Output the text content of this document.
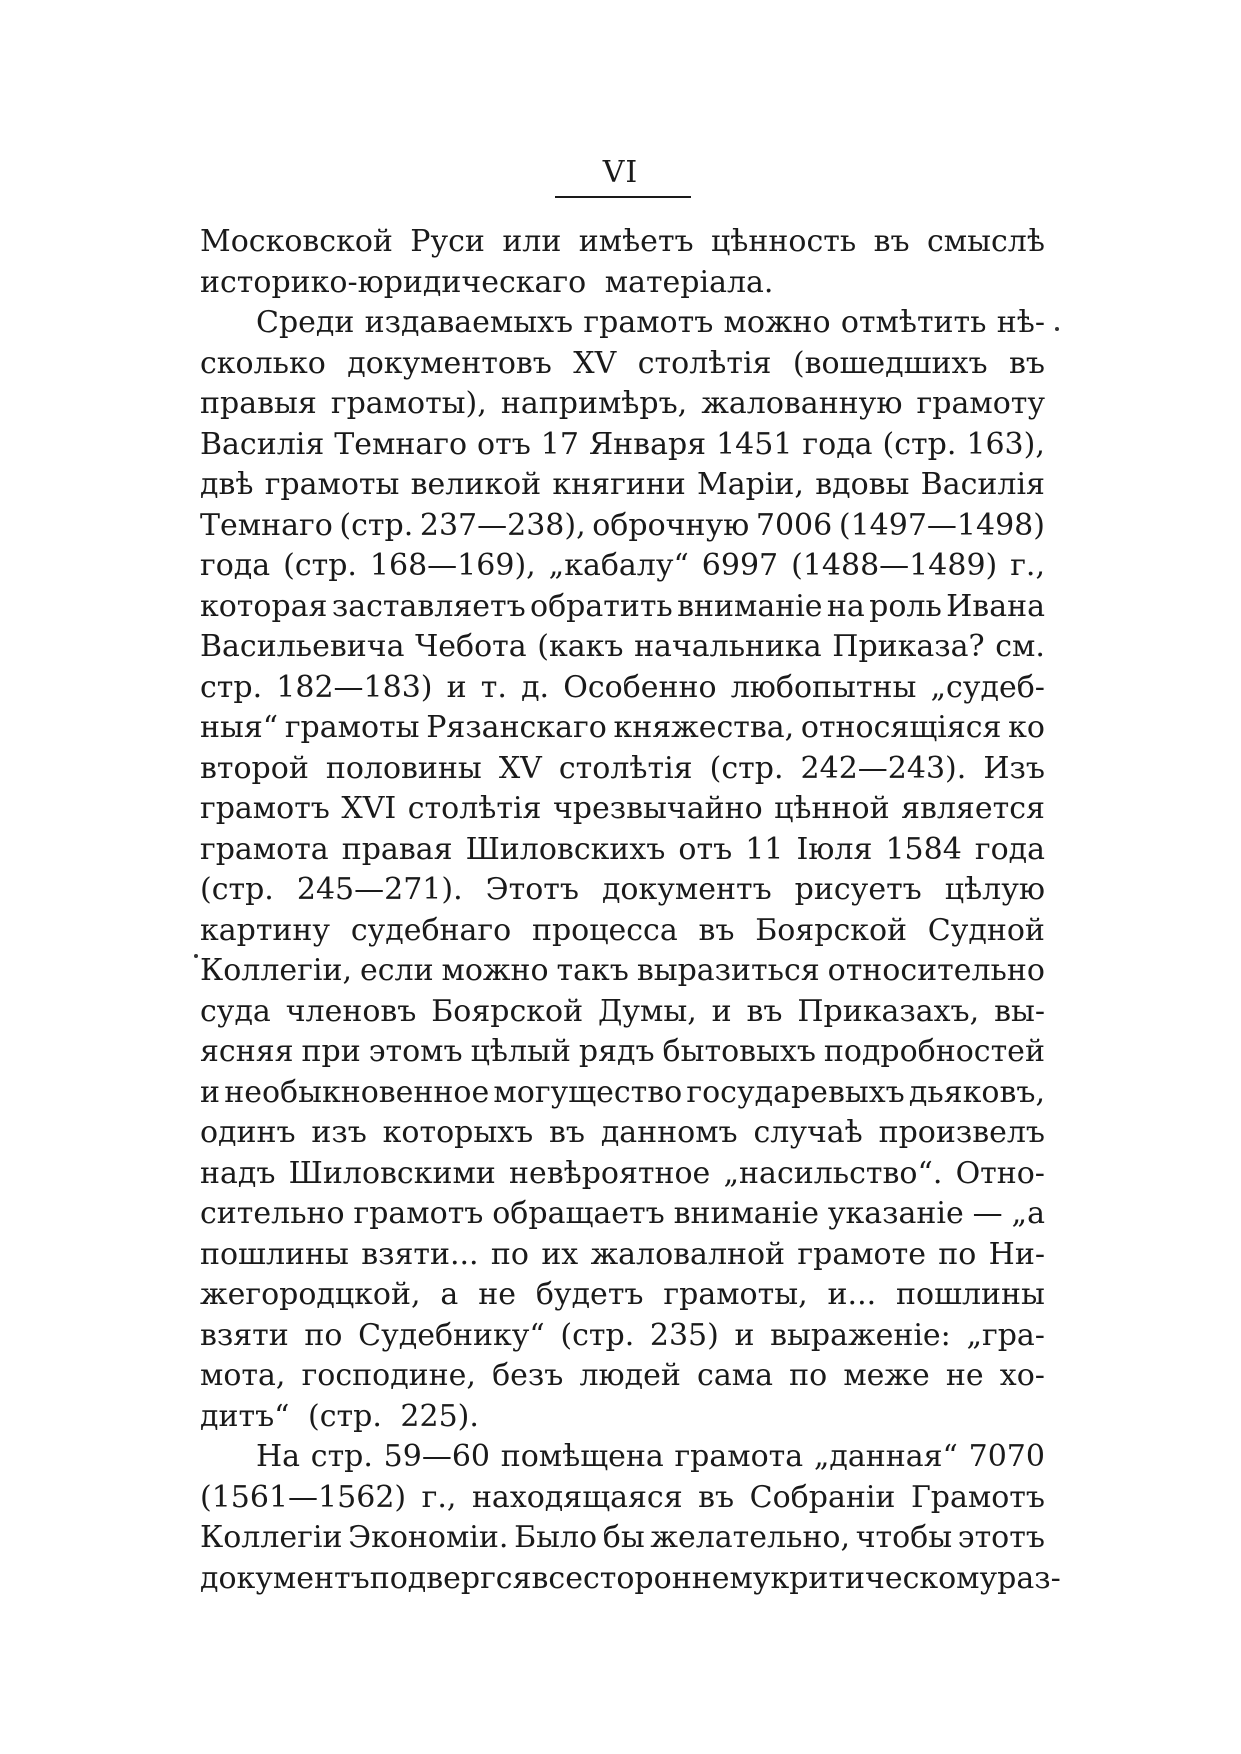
VI
Московской Руси или имѣетъ цѣнность въ смыслѣ
историко-юридическаго матеріала.
Среди издаваемыхъ грамотъ можно отмѣтить нѣ-
сколько документовъ XV столѣтія (вошедшихъ въ
правыя грамоты), напримѣръ, жалованную грамоту
Василія Темнаго отъ 17 Января 1451 года (стр. 163),
двѣ грамоты великой княгини Маріи, вдовы Василія
Темнаго (стр. 237—238), оброчную 7006 (1497—1498)
года (стр. 168—169), „кабалу“ 6997 (1488—1489) г.,
которая заставляетъ обратить вниманіе на роль Ивана
Васильевича Чебота (какъ начальника Приказа? см.
стр. 182—183) и т. д. Особенно любопытны „судеб-
ныя“ грамоты Рязанскаго княжества, относящіяся ко
второй половины XV столѣтія (стр. 242—243). Изъ
грамотъ XVI столѣтія чрезвычайно цѣнной является
грамота правая Шиловскихъ отъ 11 Іюля 1584 года
(стр. 245—271). Этотъ документъ рисуетъ цѣлую
картину судебнаго процесса въ Боярской Судной
Коллегіи, если можно такъ выразиться относительно
суда членовъ Боярской Думы, и въ Приказахъ, вы-
ясняя при этомъ цѣлый рядъ бытовыхъ подробностей
и необыкновенное могущество государевыхъ дьяковъ,
одинъ изъ которыхъ въ данномъ случаѣ произвелъ
надъ Шиловскими невѣроятное „насильство“. Отно-
сительно грамотъ обращаетъ вниманіе указаніе — „а
пошлины взяти... по их жаловалной грамоте по Ни-
жегородцкой, а не будетъ грамоты, и... пошлины
взяти по Судебнику“ (стр. 235) и выраженіе: „гра-
мота, господине, безъ людей сама по меже не хо-
дитъ“ (стр. 225).
На стр. 59—60 помѣщена грамота „данная“ 7070
(1561—1562) г., находящаяся въ Собраніи Грамотъ
Коллегіи Экономіи. Было бы желательно, чтобы этотъ
документъ подвергся всестороннему критическому раз-
